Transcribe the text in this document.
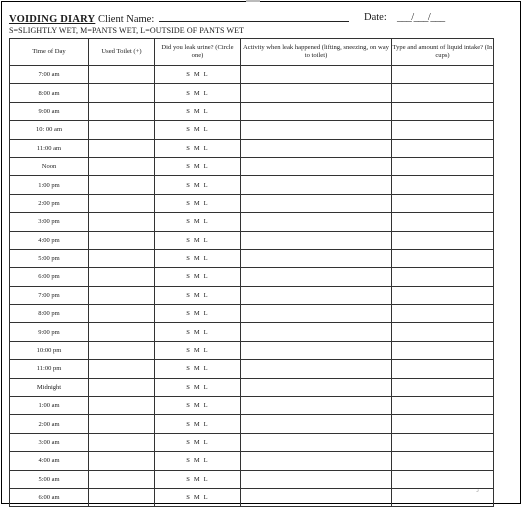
VOIDING DIARY Client Name:	Date: ___/___/___
S=SLIGHTLY WET, M=PANTS WET, L=OUTSIDE OF PANTS WET
Time of Day	Used Toilet (+)	Did you leak urine? (Circle one)	Activity when leak happened (lifting, sneezing, on way to toilet)	Type and amount of liquid intake? (In cups)
7:00 am		S M L		
8:00 am		S M L		
9:00 am		S M L		
10: 00 am		S M L		
11:00 am		S M L		
Noon		S M L		
1:00 pm		S M L		
2:00 pm		S M L		
3:00 pm		S M L		
4:00 pm		S M L		
5:00 pm		S M L		
6:00 pm		S M L		
7:00 pm		S M L		
8:00 pm		S M L		
9:00 pm		S M L		
10:00 pm		S M L		
11:00 pm		S M L		
Midnight		S M L		
1:00 am		S M L		
2:00 am		S M L		
3:00 am		S M L		
4:00 am		S M L		
5:00 am		S M L		
6:00 am		S M L		
⌟
